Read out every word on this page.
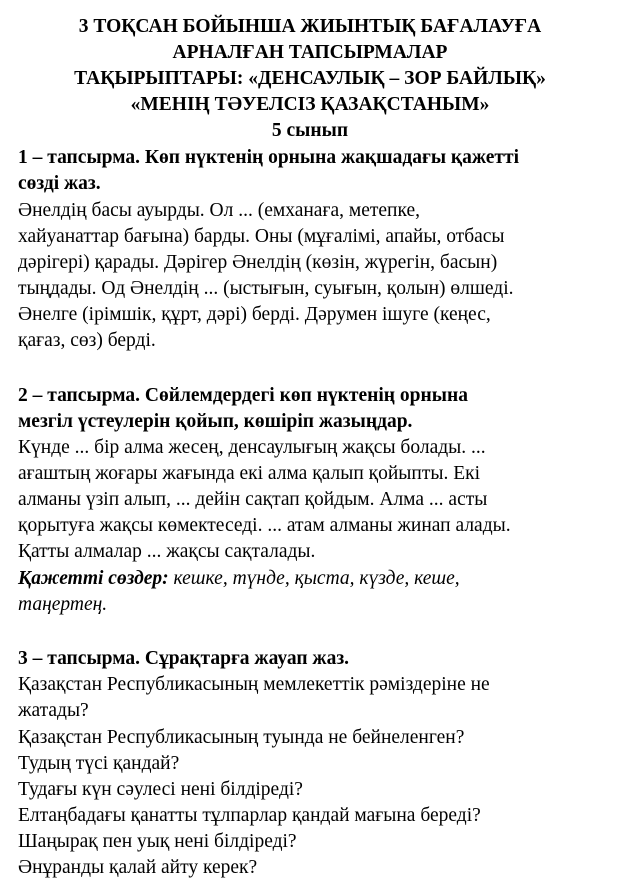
3 ТОҚСАН БОЙЫНША ЖИЫНТЫҚ БАҒАЛАУҒА

АРНАЛҒАН ТАПСЫРМАЛАР

ТАҚЫРЫПТАРЫ: «ДЕНСАУЛЫҚ – ЗОР БАЙЛЫҚ»

«МЕНІҢ ТӘУЕЛСІЗ ҚАЗАҚСТАНЫМ»

5 сынып

1 – тапсырма. Көп нүктенің орнына жақшадағы қажетті

сөзді жаз.

Әнелдің басы ауырды. Ол ... (емханаға, метепке,

хайуанаттар бағына) барды. Оны (мұғалімі, апайы, отбасы

дәрігері) қарады. Дәрігер Әнелдің (көзін, жүрегін, басын)

тыңдады. Од Әнелдің ... (ыстығын, суығын, қолын) өлшеді.

Әнелге (ірімшік, құрт, дәрі) берді. Дәрумен ішуге (кеңес,

қағаз, сөз) берді.

2 – тапсырма. Сөйлемдердегі көп нүктенің орнына

мезгіл үстеулерін қойып, көшіріп жазыңдар.

Күнде ... бір алма жесең, денсаулығың жақсы болады. ...

ағаштың жоғары жағында екі алма қалып қойыпты. Екі

алманы үзіп алып, ... дейін сақтап қойдым. Алма ... асты

қорытуға жақсы көмектеседі. ... атам алманы жинап алады.

Қатты алмалар ... жақсы сақталады.

Қажетті сөздер: кешке, түнде, қыста, күзде, кеше,

таңертең.

3 – тапсырма. Сұрақтарға жауап жаз.

Қазақстан Республикасының мемлекеттік рәміздеріне не

жатады?

Қазақстан Республикасының туында не бейнеленген?

Тудың түсі қандай?

Тудағы күн сәулесі нені білдіреді?

Елтаңбадағы қанатты тұлпарлар қандай мағына береді?

Шаңырақ пен уық нені білдіреді?

Әнұранды қалай айту керек?
